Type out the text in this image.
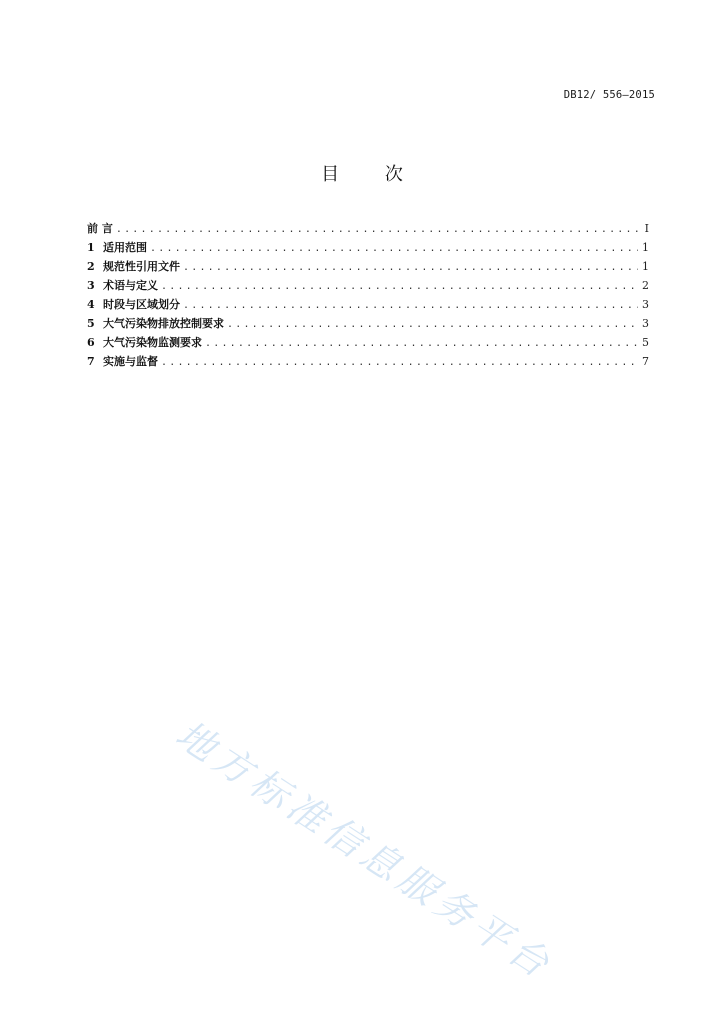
DB12/ 556—2015
目 次
前 言 .....	I
1 适用范围 .....	1
2 规范性引用文件 .....	1
3 术语与定义 .....	2
4 时段与区域划分 .....	3
5 大气污染物排放控制要求 .....	3
6 大气污染物监测要求 .....	5
7 实施与监督 .....	7
地方标准信息服务平台
